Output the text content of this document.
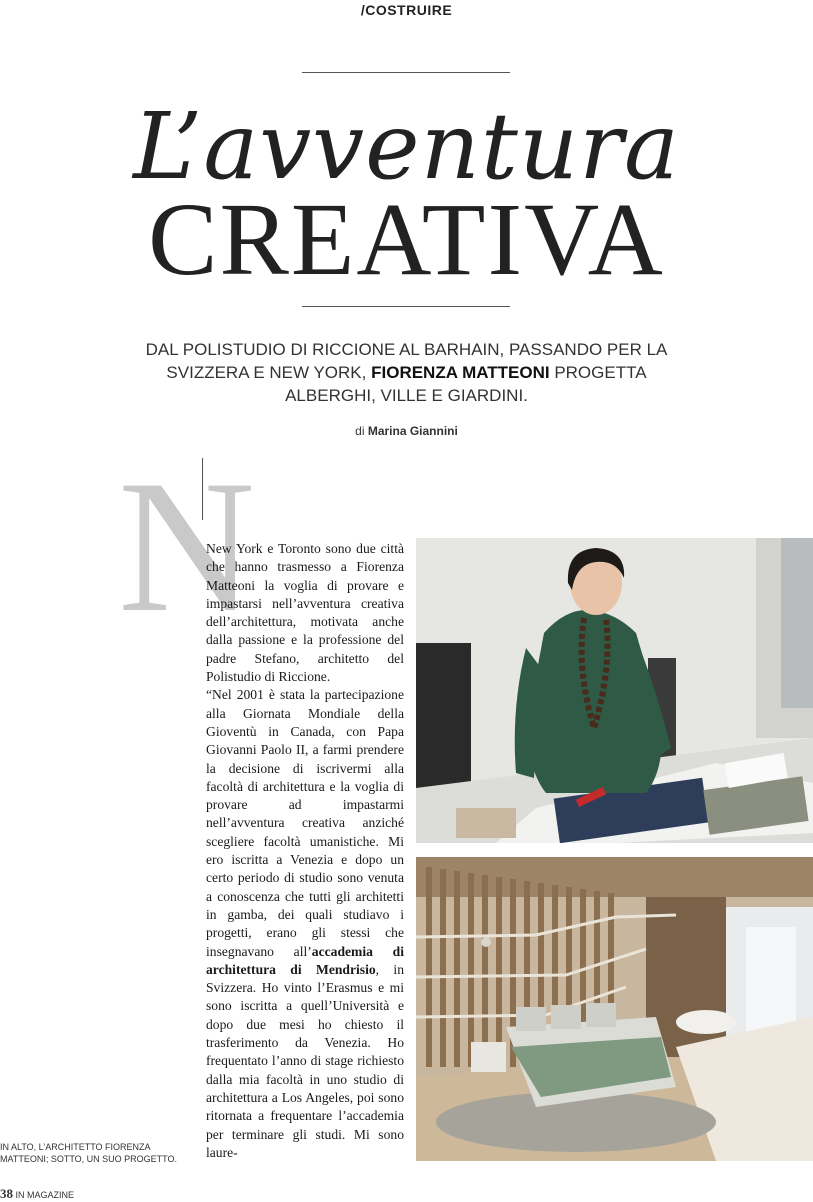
/COSTRUIRE
L’avventura
CREATIVA
DAL POLISTUDIO DI RICCIONE AL BARHAIN, PASSANDO PER LA SVIZZERA E NEW YORK, FIORENZA MATTEONI PROGETTA ALBERGHI, VILLE E GIARDINI.
di Marina Giannini
N

New York e Toronto sono due città che hanno trasmesso a Fiorenza Matteoni la voglia di provare e impastarsi nell’avventura creativa dell’architettura, motivata anche dalla passione e la professione del padre Stefano, architetto del Polistudio di Riccione.

“Nel 2001 è stata la partecipazione alla Giornata Mondiale della Gioventù in Canada, con Papa Giovanni Paolo II, a farmi prendere la decisione di iscrivermi alla facoltà di architettura e la voglia di provare ad impastarmi nell’avventura creativa anziché scegliere facoltà umanistiche. Mi ero iscritta a Venezia e dopo un certo periodo di studio sono venuta a conoscenza che tutti gli architetti in gamba, dei quali studiavo i progetti, erano gli stessi che insegnavano all’accademia di architettura di Mendrisio, in Svizzera. Ho vinto l’Erasmus e mi sono iscritta a quell’Università e dopo due mesi ho chiesto il trasferimento da Venezia. Ho frequentato l’anno di stage richiesto dalla mia facoltà in uno studio di architettura a Los Angeles, poi sono ritornata a frequentare l’accademia per terminare gli studi. Mi sono laure-

IN ALTO, L’ARCHITETTO FIORENZA MATTEONI; SOTTO, UN SUO PROGETTO.
38 IN MAGAZINE
